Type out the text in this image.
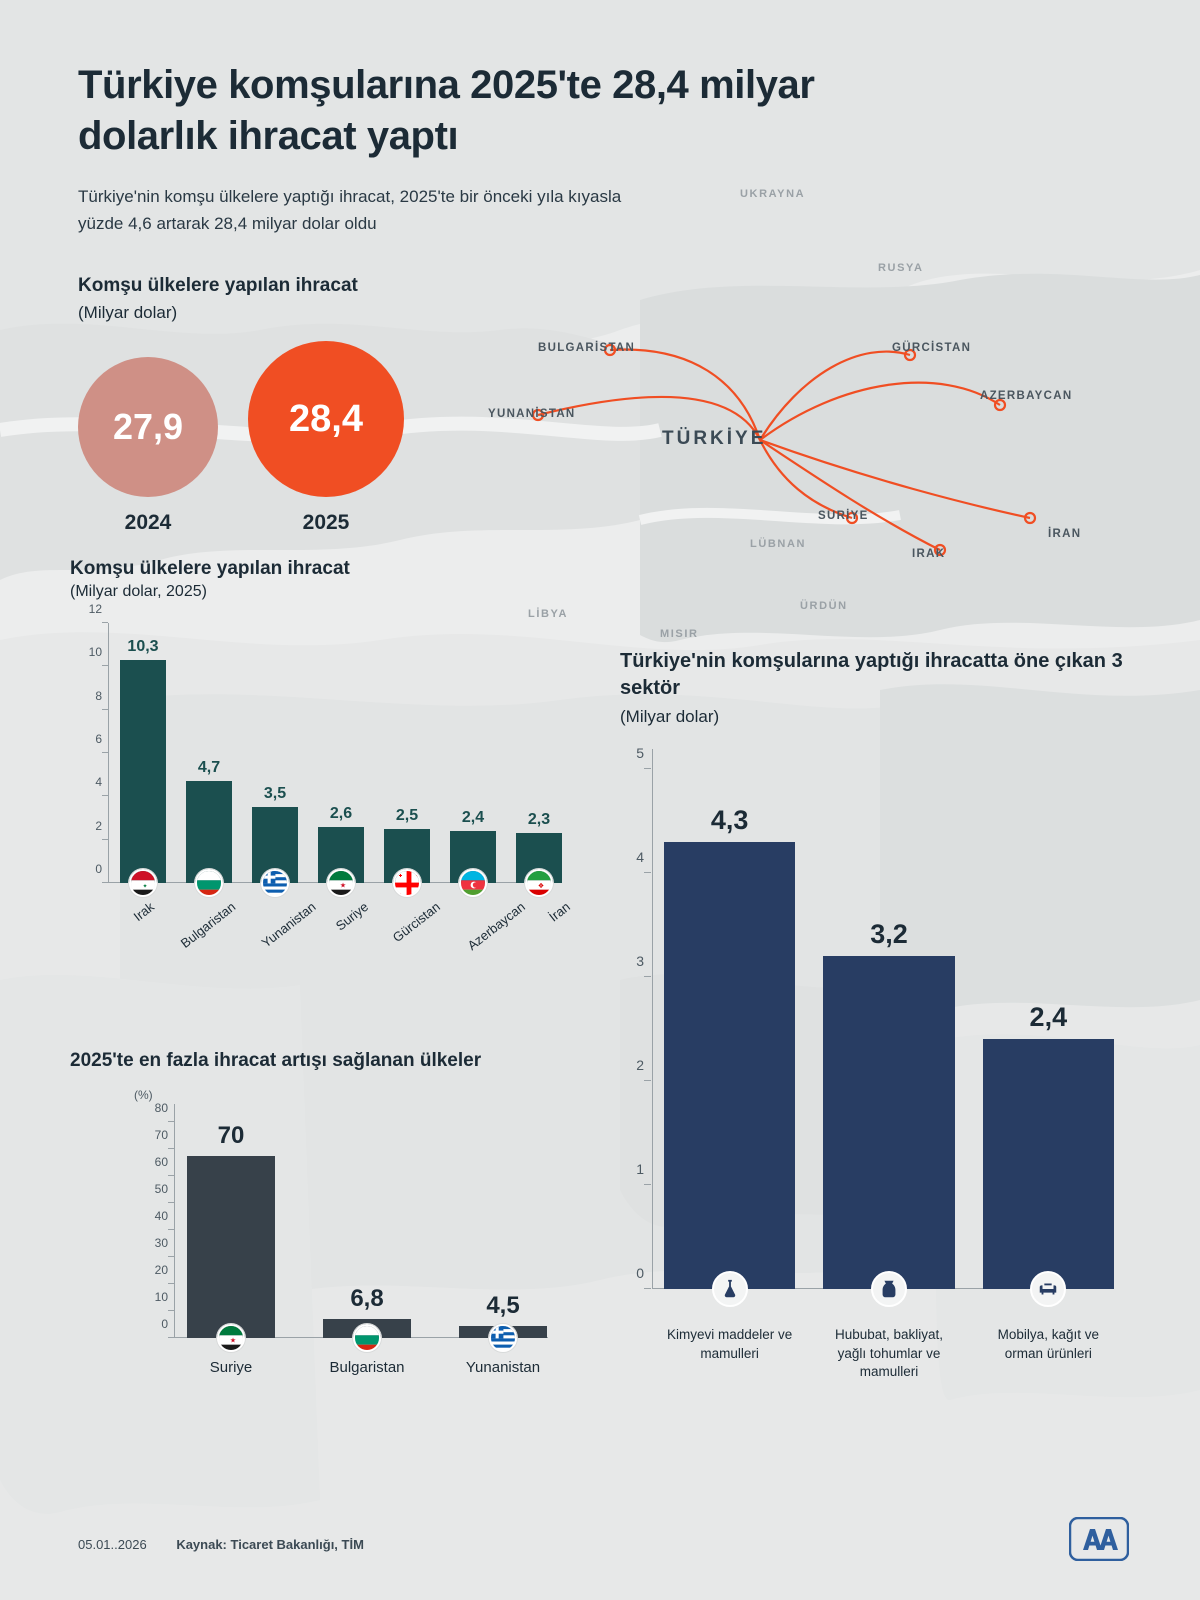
Türkiye komşularına 2025'te 28,4 milyar dolarlık ihracat yaptı
Türkiye'nin komşu ülkelere yaptığı ihracat, 2025'te bir önceki yıla kıyasla yüzde 4,6 artarak 28,4 milyar dolar oldu
TÜRKİYE
BULGARİSTAN	GÜRCİSTAN
AZERBAYCAN
YUNANİSTAN
SURİYE
IRAK
İRAN
UKRAYNA
RUSYA
LÜBNAN
ÜRDÜN
LİBYA
MISIR
Komşu ülkelere yapılan ihracat
(Milyar dolar)
27,9
2024
28,4
2025
Komşu ülkelere yapılan ihracat
(Milyar dolar, 2025)
0
2
4
6
8
10
12
10,3
✦
4,7
3,5
2,6
★
2,5	2,4	2,3
❖
Irak	Bulgaristan	Yunanistan	Suriye	Gürcistan	Azerbaycan	İran
2025'te en fazla ihracat artışı sağlanan ülkeler
(%)
0
10
20
30
40
50
60
70
80
70
★
6,8	4,5
Suriye	Bulgaristan	Yunanistan
Türkiye'nin komşularına yaptığı ihracatta öne çıkan 3 sektör
(Milyar dolar)
0
1
2
3
4
5
4,3
3,2
2,4
Kimyevi maddeler ve mamulleri
Hububat, bakliyat, yağlı tohumlar ve mamulleri
Mobilya, kağıt ve orman ürünleri
05.01..2026 Kaynak: Ticaret Bakanlığı, TİM
